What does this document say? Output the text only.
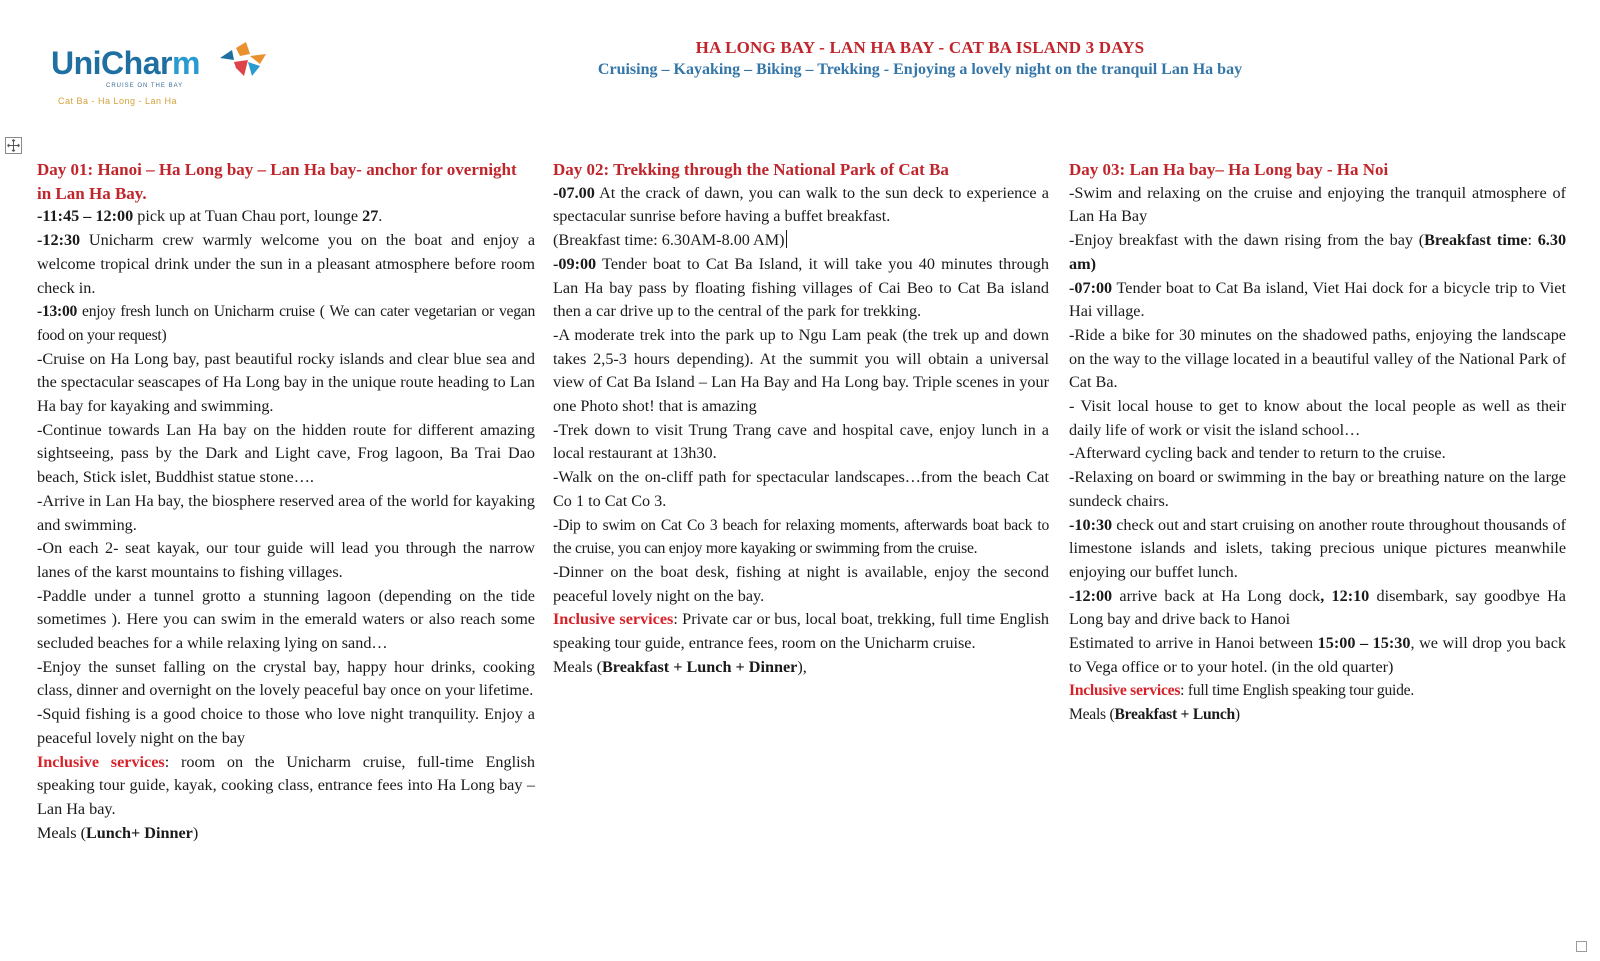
UniCharm
CRUISE ON THE BAY
Cat Ba - Ha Long - Lan Ha
HA LONG BAY - LAN HA BAY - CAT BA ISLAND 3 DAYS
Cruising – Kayaking – Biking – Trekking - Enjoying a lovely night on the tranquil Lan Ha bay

Day 01: Hanoi – Ha Long bay – Lan Ha bay- anchor for overnight in Lan Ha Bay.

-11:45 – 12:00 pick up at Tuan Chau port, lounge 27.

-12:30 Unicharm crew warmly welcome you on the boat and enjoy a welcome tropical drink under the sun in a pleasant atmosphere before room check in.

-13:00 enjoy fresh lunch on Unicharm cruise ( We can cater vegetarian or vegan food on your request)

-Cruise on Ha Long bay, past beautiful rocky islands and clear blue sea and the spectacular seascapes of Ha Long bay in the unique route heading to Lan Ha bay for kayaking and swimming.

-Continue towards Lan Ha bay on the hidden route for different amazing sightseeing, pass by the Dark and Light cave, Frog lagoon, Ba Trai Dao beach, Stick islet, Buddhist statue stone….

-Arrive in Lan Ha bay, the biosphere reserved area of the world for kayaking and swimming.

-On each 2- seat kayak, our tour guide will lead you through the narrow lanes of the karst mountains to fishing villages.

-Paddle under a tunnel grotto a stunning lagoon (depending on the tide sometimes ). Here you can swim in the emerald waters or also reach some secluded beaches for a while relaxing lying on sand…

-Enjoy the sunset falling on the crystal bay, happy hour drinks, cooking class, dinner and overnight on the lovely peaceful bay once on your lifetime.

-Squid fishing is a good choice to those who love night tranquility. Enjoy a peaceful lovely night on the bay

Inclusive services: room on the Unicharm cruise, full-time English speaking tour guide, kayak, cooking class, entrance fees into Ha Long bay – Lan Ha bay.

Meals (Lunch+ Dinner)

Day 02: Trekking through the National Park of Cat Ba

-07.00 At the crack of dawn, you can walk to the sun deck to experience a spectacular sunrise before having a buffet breakfast.

(Breakfast time: 6.30AM-8.00 AM)

-09:00 Tender boat to Cat Ba Island, it will take you 40 minutes through Lan Ha bay pass by floating fishing villages of Cai Beo to Cat Ba island then a car drive up to the central of the park for trekking.

-A moderate trek into the park up to Ngu Lam peak (the trek up and down takes 2,5-3 hours depending). At the summit you will obtain a universal view of Cat Ba Island – Lan Ha Bay and Ha Long bay. Triple scenes in your one Photo shot! that is amazing

-Trek down to visit Trung Trang cave and hospital cave, enjoy lunch in a local restaurant at 13h30.

-Walk on the on-cliff path for spectacular landscapes…from the beach Cat Co 1 to Cat Co 3.

-Dip to swim on Cat Co 3 beach for relaxing moments, afterwards boat back to the cruise, you can enjoy more kayaking or swimming from the cruise.

-Dinner on the boat desk, fishing at night is available, enjoy the second peaceful lovely night on the bay.

Inclusive services: Private car or bus, local boat, trekking, full time English speaking tour guide, entrance fees, room on the Unicharm cruise.

Meals (Breakfast + Lunch + Dinner),

Day 03: Lan Ha bay– Ha Long bay - Ha Noi

-Swim and relaxing on the cruise and enjoying the tranquil atmosphere of Lan Ha Bay

-Enjoy breakfast with the dawn rising from the bay (Breakfast time: 6.30 am)

-07:00 Tender boat to Cat Ba island, Viet Hai dock for a bicycle trip to Viet Hai village.

-Ride a bike for 30 minutes on the shadowed paths, enjoying the landscape on the way to the village located in a beautiful valley of the National Park of Cat Ba.

- Visit local house to get to know about the local people as well as their daily life of work or visit the island school…

-Afterward cycling back and tender to return to the cruise.

-Relaxing on board or swimming in the bay or breathing nature on the large sundeck chairs.

-10:30 check out and start cruising on another route throughout thousands of limestone islands and islets, taking precious unique pictures meanwhile enjoying our buffet lunch.

-12:00 arrive back at Ha Long dock, 12:10 disembark, say goodbye Ha Long bay and drive back to Hanoi

Estimated to arrive in Hanoi between 15:00 – 15:30, we will drop you back to Vega office or to your hotel. (in the old quarter)

Inclusive services: full time English speaking tour guide.

Meals (Breakfast + Lunch)
